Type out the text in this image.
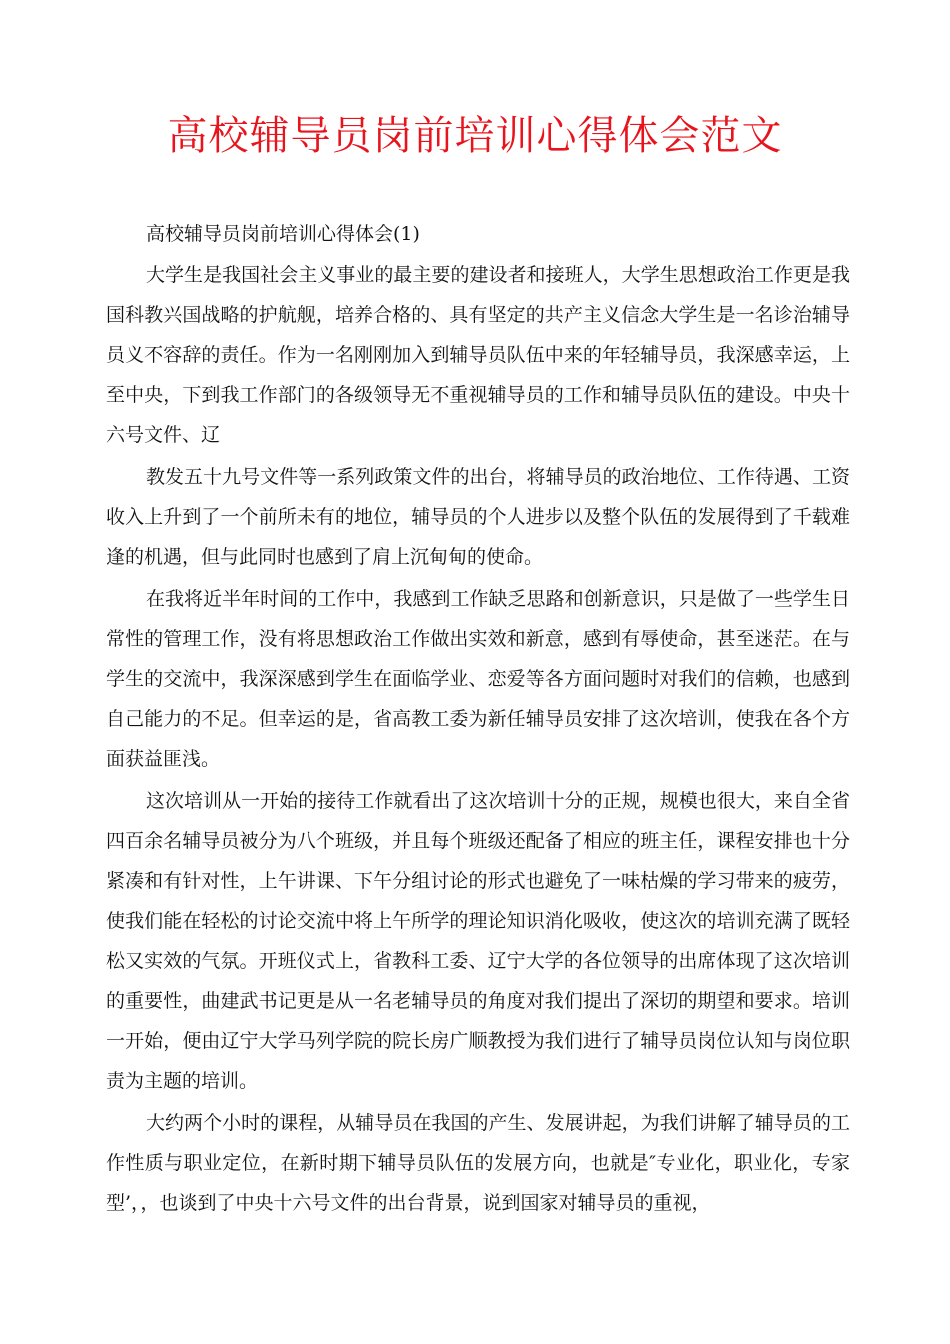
高校辅导员岗前培训心得体会范文

高校辅导员岗前培训心得体会(1)

大学生是我国社会主义事业的最主要的建设者和接班人，大学生思想政治工作更是我国科教兴国战略的护航舰，培养合格的、具有坚定的共产主义信念大学生是一名诊治辅导员义不容辞的责任。作为一名刚刚加入到辅导员队伍中来的年轻辅导员，我深感幸运，上至中央，下到我工作部门的各级领导无不重视辅导员的工作和辅导员队伍的建设。中央十六号文件、辽

教发五十九号文件等一系列政策文件的出台，将辅导员的政治地位、工作待遇、工资收入上升到了一个前所未有的地位，辅导员的个人进步以及整个队伍的发展得到了千载难逢的机遇，但与此同时也感到了肩上沉甸甸的使命。

在我将近半年时间的工作中，我感到工作缺乏思路和创新意识，只是做了一些学生日常性的管理工作，没有将思想政治工作做出实效和新意，感到有辱使命，甚至迷茫。在与学生的交流中，我深深感到学生在面临学业、恋爱等各方面问题时对我们的信赖，也感到自己能力的不足。但幸运的是，省高教工委为新任辅导员安排了这次培训，使我在各个方面获益匪浅。

这次培训从一开始的接待工作就看出了这次培训十分的正规，规模也很大，来自全省四百余名辅导员被分为八个班级，并且每个班级还配备了相应的班主任，课程安排也十分紧凑和有针对性，上午讲课、下午分组讨论的形式也避免了一味枯燥的学习带来的疲劳，使我们能在轻松的讨论交流中将上午所学的理论知识消化吸收，使这次的培训充满了既轻松又实效的气氛。开班仪式上，省教科工委、辽宁大学的各位领导的出席体现了这次培训的重要性，曲建武书记更是从一名老辅导员的角度对我们提出了深切的期望和要求。培训一开始，便由辽宁大学马列学院的院长房广顺教授为我们进行了辅导员岗位认知与岗位职责为主题的培训。

大约两个小时的课程，从辅导员在我国的产生、发展讲起，为我们讲解了辅导员的工作性质与职业定位，在新时期下辅导员队伍的发展方向，也就是″专业化，职业化，专家型’，，也谈到了中央十六号文件的出台背景，说到国家对辅导员的重视，
